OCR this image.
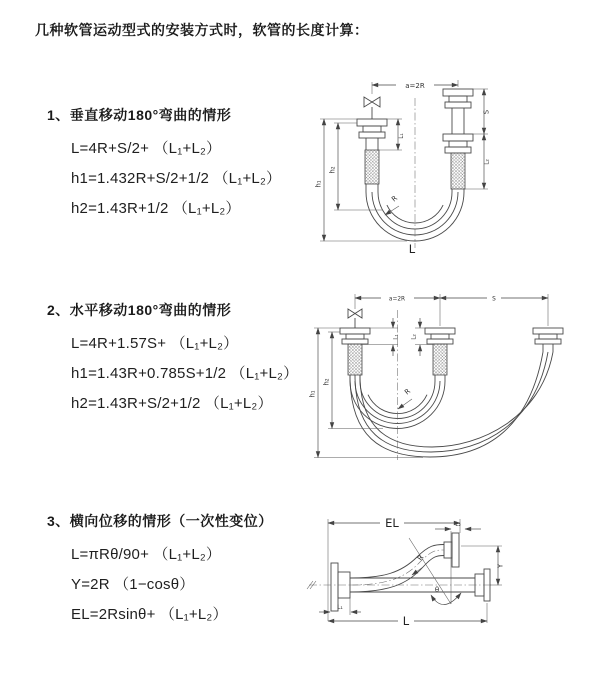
几种软管运动型式的安装方式时，软管的长度计算：
1、垂直移动180°弯曲的情形
L=4R+S/2+ （L₁+L₂）
h1=1.432R+S/2+1/2 （L₁+L₂）
h2=1.43R+1/2 （L₁+L₂）
2、水平移动180°弯曲的情形
L=4R+1.57S+ （L₁+L₂）
h1=1.43R+0.785S+1/2 （L₁+L₂）
h2=1.43R+S/2+1/2 （L₁+L₂）
3、横向位移的情形（一次性变位）
L=πRθ/90+ （L₁+L₂）
Y=2R （1−cosθ）
EL=2Rsinθ+ （L₁+L₂）
a=2R
h₁
h₂
L₁
S
L₂
R
L
a=2R	S
h₁
h₂
L₁ L₂
R
EL	L₂
θ
R
Y
L
L₁
